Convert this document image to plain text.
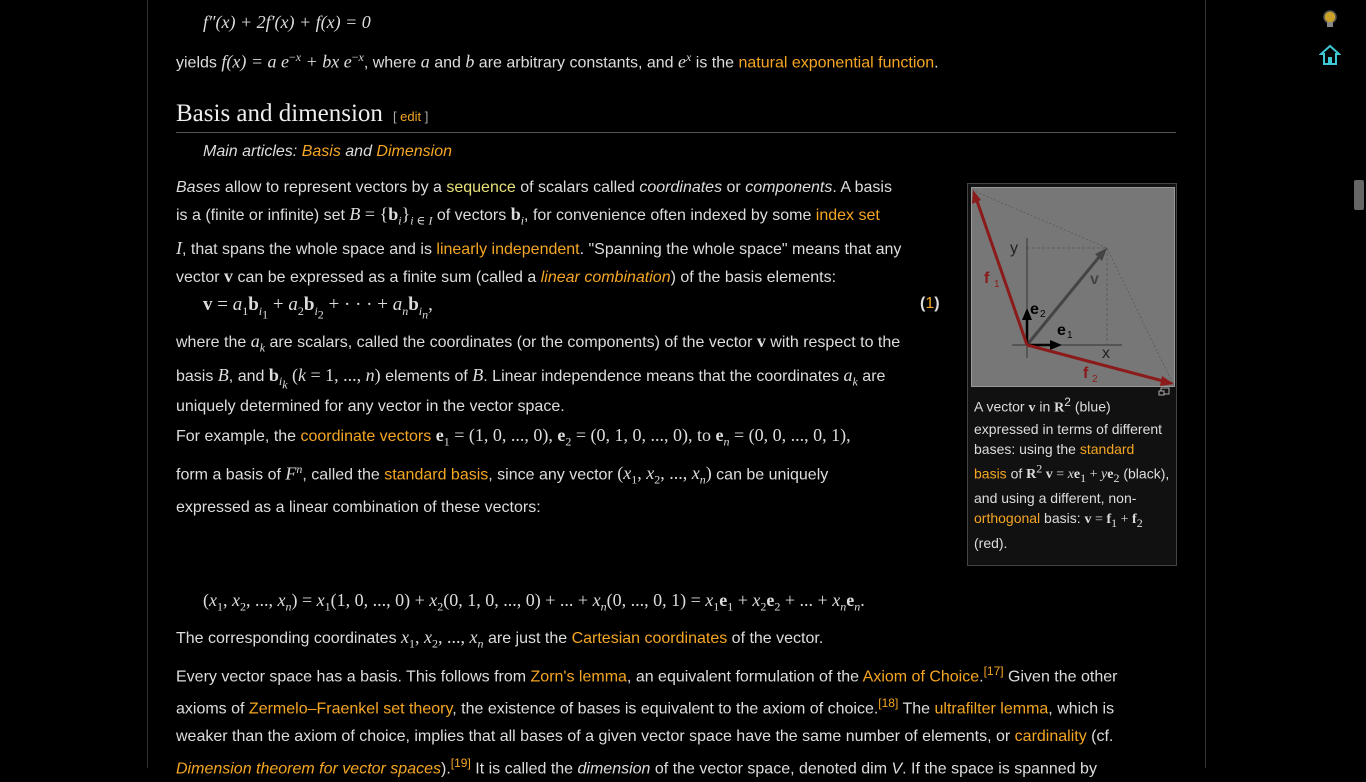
f″(x) + 2f′(x) + f(x) = 0
yields f(x) = a $e^{-x}$ + bx $e^{-x}$, where a and b are arbitrary constants, and $e^x$ is the natural exponential function.
Basis and dimension [ edit ]
Main articles: Basis and Dimension
Bases allow to represent vectors by a sequence of scalars called coordinates or components. A basis
is a (finite or infinite) set $B = \{b_i\}_{i \in I}$ of vectors $b_i$, for convenience often indexed by some index set
I, that spans the whole space and is linearly independent. "Spanning the whole space" means that any
vector v can be expressed as a finite sum (called a linear combination) of the basis elements:
$v = a_1b_{i_1} + a_2b_{i_2}$ + · · · + $a_nb_{i_n}$,	(1)
where the $a_k$ are scalars, called the coordinates (or the components) of the vector v with respect to the
basis B, and $b_{i_k}$ (k = 1, ..., n) elements of B. Linear independence means that the coordinates $a_k$ are
uniquely determined for any vector in the vector space.
For example, the coordinate vectors $e_1 = (1$, 0, ..., 0), $e_2 = (0$, 1, 0, ..., 0), to $e_n = (0$, 0, ..., 0, 1),
form a basis of $F^n$, called the standard basis, since any vector ($x_1$, $x_2$, ..., $x_n$) can be uniquely
expressed as a linear combination of these vectors:
($x_1$, $x_2$, ..., $x_n) = x_1(1$, 0, ..., $0) + x_2(0$, 1, 0, ..., 0) + ... + $x_n(0$, ..., 0, $1) = x_1e_1 + x_2e_2$ + ... + $x_ne_n$.
The corresponding coordinates $x_1$, $x_2$, ..., $x_n$ are just the Cartesian coordinates of the vector.
Every vector space has a basis. This follows from Zorn's lemma, an equivalent formulation of the Axiom of Choice.[17] Given the other
axioms of Zermelo–Fraenkel set theory, the existence of bases is equivalent to the axiom of choice.[18] The ultrafilter lemma, which is
weaker than the axiom of choice, implies that all bases of a given vector space have the same number of elements, or cardinality (cf.
Dimension theorem for vector spaces).[19] It is called the dimension of the vector space, denoted dim V. If the space is spanned by
y
x
v
e 2
e 1
f 1
f 2
A vector v in $R^2$ (blue) expressed in terms of different bases: using the standard basis of $R^2$ $v = xe_1 + ye_2$ (black), and using a different, non-orthogonal basis: $v = f_1 + f_2$ (red).
